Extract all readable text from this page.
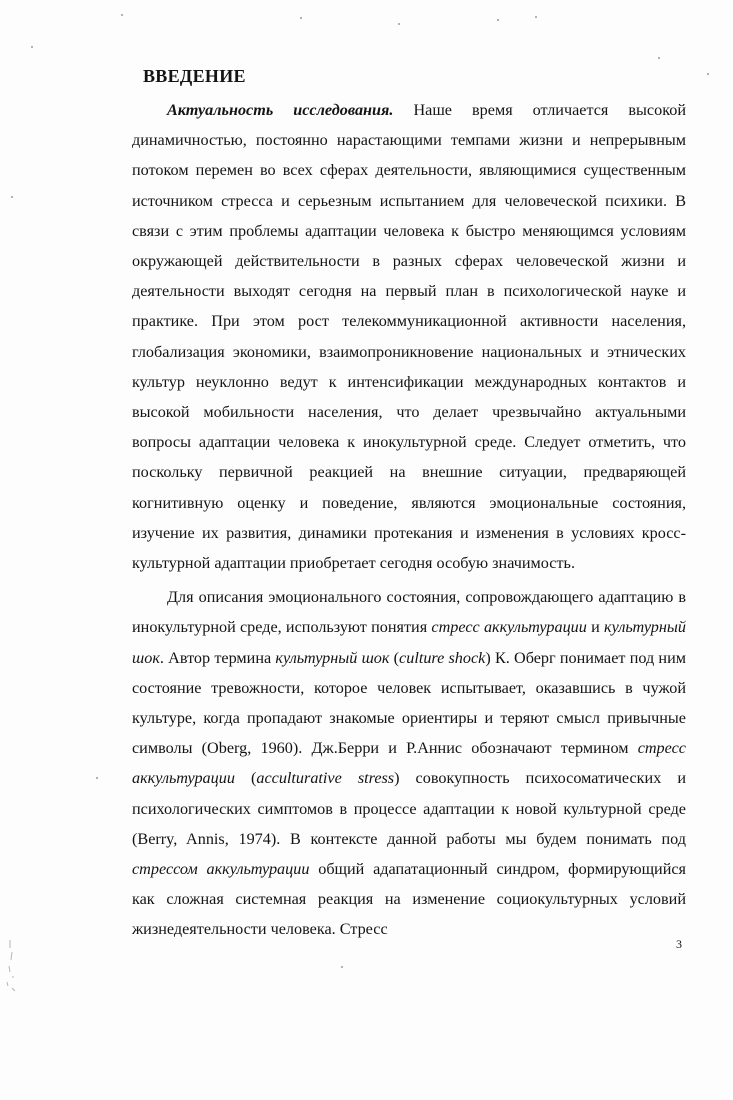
ВВЕДЕНИЕ

Актуальность исследования. Наше время отличается высокой динамичностью, постоянно нарастающими темпами жизни и непрерывным потоком перемен во всех сферах деятельности, являющимися существенным источником стресса и серьезным испытанием для человеческой психики. В связи с этим проблемы адаптации человека к быстро меняющимся условиям окружающей действительности в разных сферах человеческой жизни и деятельности выходят сегодня на первый план в психологической науке и практике. При этом рост телекоммуникационной активности населения, глобализация экономики, взаимопроникновение национальных и этнических культур неуклонно ведут к интенсификации международных контактов и высокой мобильности населения, что делает чрезвычайно актуальными вопросы адаптации человека к инокультурной среде. Следует отметить, что поскольку первичной реакцией на внешние ситуации, предваряющей когнитивную оценку и поведение, являются эмоциональные состояния, изучение их развития, динамики протекания и изменения в условиях кросс-культурной адаптации приобретает сегодня особую значимость.

Для описания эмоционального состояния, сопровождающего адаптацию в инокультурной среде, используют понятия стресс аккультурации и культурный шок. Автор термина культурный шок (culture shock) К. Оберг понимает под ним состояние тревожности, которое человек испытывает, оказавшись в чужой культуре, когда пропадают знакомые ориентиры и теряют смысл привычные символы (Oberg, 1960). Дж.Берри и Р.Аннис обозначают термином стресс аккультурации (acculturative stress) совокупность психосоматических и психологических симптомов в процессе адаптации к новой культурной среде (Berry, Annis, 1974). В контексте данной работы мы будем понимать под стрессом аккультурации общий адапатационный синдром, формирующийся как сложная системная реакция на изменение социокультурных условий жизнедеятельности человека. Стресс

3
